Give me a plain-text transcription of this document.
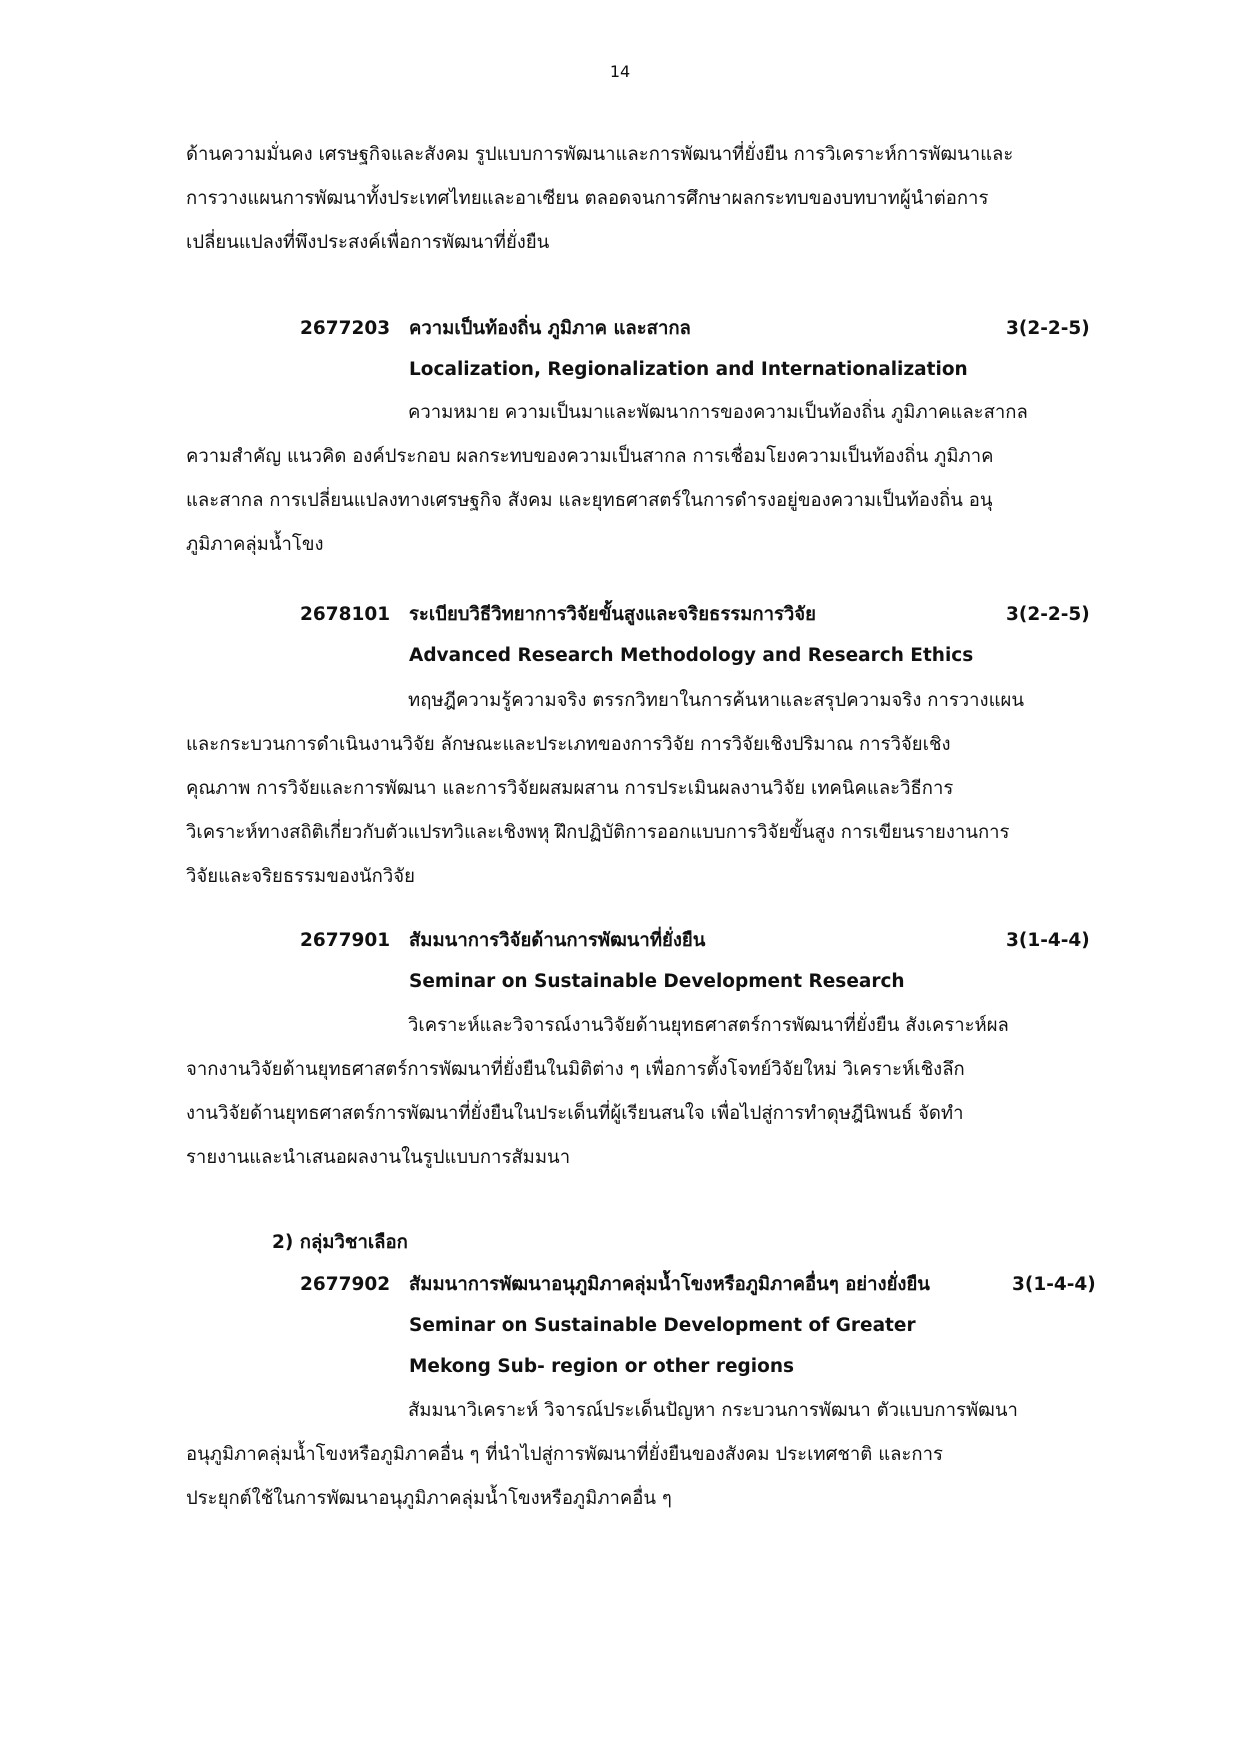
14
ด้านความมั่นคง เศรษฐกิจและสังคม รูปแบบการพัฒนาและการพัฒนาที่ยั่งยืน การวิเคราะห์การพัฒนาและ
การวางแผนการพัฒนาทั้งประเทศไทยและอาเซียน ตลอดจนการศึกษาผลกระทบของบทบาทผู้นำต่อการ
เปลี่ยนแปลงที่พึงประสงค์เพื่อการพัฒนาที่ยั่งยืน
2677203 ความเป็นท้องถิ่น ภูมิภาค และสากล	3(2-2-5)
Localization, Regionalization and Internationalization
ความหมาย ความเป็นมาและพัฒนาการของความเป็นท้องถิ่น ภูมิภาคและสากล
ความสำคัญ แนวคิด องค์ประกอบ ผลกระทบของความเป็นสากล การเชื่อมโยงความเป็นท้องถิ่น ภูมิภาค
และสากล การเปลี่ยนแปลงทางเศรษฐกิจ สังคม และยุทธศาสตร์ในการดำรงอยู่ของความเป็นท้องถิ่น อนุ
ภูมิภาคลุ่มน้ำโขง
2678101 ระเบียบวิธีวิทยาการวิจัยขั้นสูงและจริยธรรมการวิจัย	3(2-2-5)
Advanced Research Methodology and Research Ethics
ทฤษฎีความรู้ความจริง ตรรกวิทยาในการค้นหาและสรุปความจริง การวางแผน
และกระบวนการดำเนินงานวิจัย ลักษณะและประเภทของการวิจัย การวิจัยเชิงปริมาณ การวิจัยเชิง
คุณภาพ การวิจัยและการพัฒนา และการวิจัยผสมผสาน การประเมินผลงานวิจัย เทคนิคและวิธีการ
วิเคราะห์ทางสถิติเกี่ยวกับตัวแปรทวิและเชิงพหุ ฝึกปฏิบัติการออกแบบการวิจัยขั้นสูง การเขียนรายงานการ
วิจัยและจริยธรรมของนักวิจัย
2677901 สัมมนาการวิจัยด้านการพัฒนาที่ยั่งยืน	3(1-4-4)
Seminar on Sustainable Development Research
วิเคราะห์และวิจารณ์งานวิจัยด้านยุทธศาสตร์การพัฒนาที่ยั่งยืน สังเคราะห์ผล
จากงานวิจัยด้านยุทธศาสตร์การพัฒนาที่ยั่งยืนในมิติต่าง ๆ เพื่อการตั้งโจทย์วิจัยใหม่ วิเคราะห์เชิงลึก
งานวิจัยด้านยุทธศาสตร์การพัฒนาที่ยั่งยืนในประเด็นที่ผู้เรียนสนใจ เพื่อไปสู่การทำดุษฎีนิพนธ์ จัดทำ
รายงานและนำเสนอผลงานในรูปแบบการสัมมนา
2) กลุ่มวิชาเลือก
2677902 สัมมนาการพัฒนาอนุภูมิภาคลุ่มน้ำโขงหรือภูมิภาคอื่นๆ อย่างยั่งยืน	3(1-4-4)
Seminar on Sustainable Development of Greater
Mekong Sub- region or other regions
สัมมนาวิเคราะห์ วิจารณ์ประเด็นปัญหา กระบวนการพัฒนา ตัวแบบการพัฒนา
อนุภูมิภาคลุ่มน้ำโขงหรือภูมิภาคอื่น ๆ ที่นำไปสู่การพัฒนาที่ยั่งยืนของสังคม ประเทศชาติ และการ
ประยุกต์ใช้ในการพัฒนาอนุภูมิภาคลุ่มน้ำโขงหรือภูมิภาคอื่น ๆ
